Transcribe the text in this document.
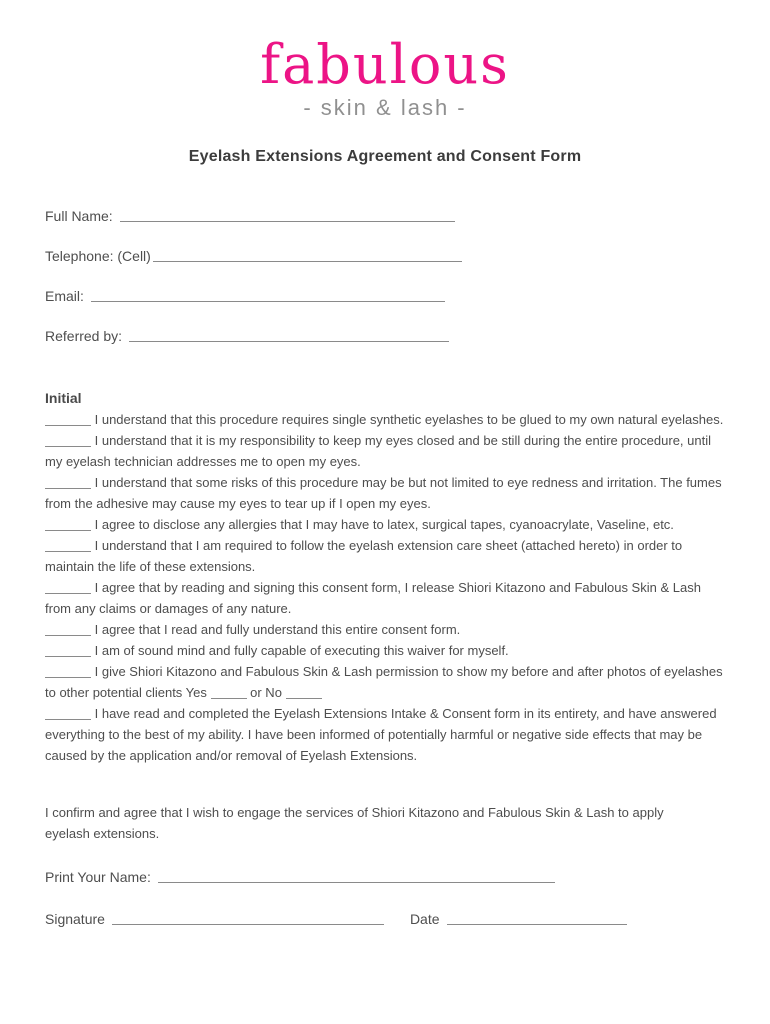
fabulous
- skin & lash -
Eyelash Extensions Agreement and Consent Form
Full Name:
Telephone: (Cell)
Email:
Referred by:
Initial

I understand that this procedure requires single synthetic eyelashes to be glued to my own natural eyelashes.

I understand that it is my responsibility to keep my eyes closed and be still during the entire procedure, until my eyelash technician addresses me to open my eyes.

I understand that some risks of this procedure may be but not limited to eye redness and irritation. The fumes from the adhesive may cause my eyes to tear up if I open my eyes.

I agree to disclose any allergies that I may have to latex, surgical tapes, cyanoacrylate, Vaseline, etc.

I understand that I am required to follow the eyelash extension care sheet (attached hereto) in order to maintain the life of these extensions.

I agree that by reading and signing this consent form, I release Shiori Kitazono and Fabulous Skin & Lash from any claims or damages of any nature.

I agree that I read and fully understand this entire consent form.

I am of sound mind and fully capable of executing this waiver for myself.

I give Shiori Kitazono and Fabulous Skin & Lash permission to show my before and after photos of eyelashes to other potential clients Yes	or No

I have read and completed the Eyelash Extensions Intake & Consent form in its entirety, and have answered everything to the best of my ability. I have been informed of potentially harmful or negative side effects that may be caused by the application and/or removal of Eyelash Extensions.

I confirm and agree that I wish to engage the services of Shiori Kitazono and Fabulous Skin & Lash to apply eyelash extensions.

Print Your Name:
Signature	Date
